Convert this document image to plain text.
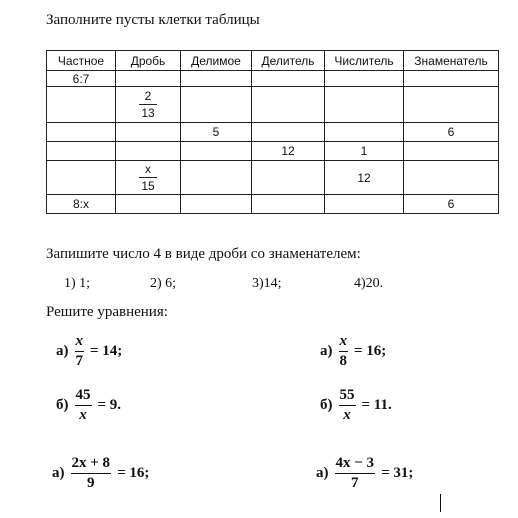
Заполните пусты клетки таблицы
Частное	Дробь	Делимое	Делитель	Числитель	Знаменатель
6:7					

	$\frac{2}{13}$

		5			6
			12	1	

	$\frac{x}{15}$			12	
8:x					6
Запишите число 4 в виде дроби со знаменателем:
1) 1;	2) 6;	3)14;	4)20.
Решите уравнения:
а)
x
7
= 14;	а)
x
8
= 16;
б)
45
x
= 9.	б)
55
x
= 11.
а)
2x + 8
9
= 16;	а)
4x − 3
7
= 31;
